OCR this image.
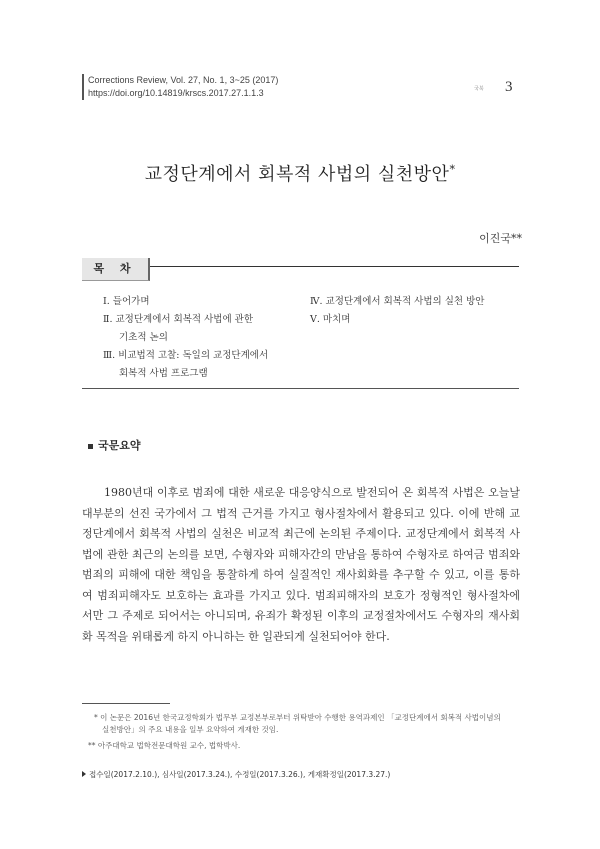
Corrections Review, Vol. 27, No. 1, 3~25 (2017)
https://doi.org/10.14819/krscs.2017.27.1.1.3	국북 3
교정단계에서 회복적 사법의 실천방안*
이진국**
목 차
Ⅰ. 들어가며
Ⅱ. 교정단계에서 회복적 사법에 관한
기초적 논의
Ⅲ. 비교법적 고찰: 독일의 교정단계에서
회복적 사법 프로그램
Ⅳ. 교정단계에서 회복적 사법의 실천 방안
Ⅴ. 마치며
국문요약
1980년대 이후로 범죄에 대한 새로운 대응양식으로 발전되어 온 회복적 사법은 오늘날 대부분의 선진 국가에서 그 법적 근거를 가지고 형사절차에서 활용되고 있다. 이에 반해 교정단계에서 회복적 사법의 실천은 비교적 최근에 논의된 주제이다. 교정단계에서 회복적 사법에 관한 최근의 논의를 보면, 수형자와 피해자간의 만남을 통하여 수형자로 하여금 범죄와 범죄의 피해에 대한 책임을 통찰하게 하여 실질적인 재사회화를 추구할 수 있고, 이를 통하여 범죄피해자도 보호하는 효과를 가지고 있다. 범죄피해자의 보호가 정형적인 형사절차에서만 그 주제로 되어서는 아니되며, 유죄가 확정된 이후의 교정절차에서도 수형자의 재사회화 목적을 위태롭게 하지 아니하는 한 일관되게 실천되어야 한다.
* 이 논문은 2016년 한국교정학회가 법무부 교정본부로부터 위탁받아 수행한 용역과제인 「교정단계에서 회복적 사법이념의
실천방안」의 주요 내용을 일부 요약하여 게재한 것임.
** 아주대학교 법학전문대학원 교수, 법학박사.
접수일(2017.2.10.), 심사일(2017.3.24.), 수정일(2017.3.26.), 게재확정일(2017.3.27.)
